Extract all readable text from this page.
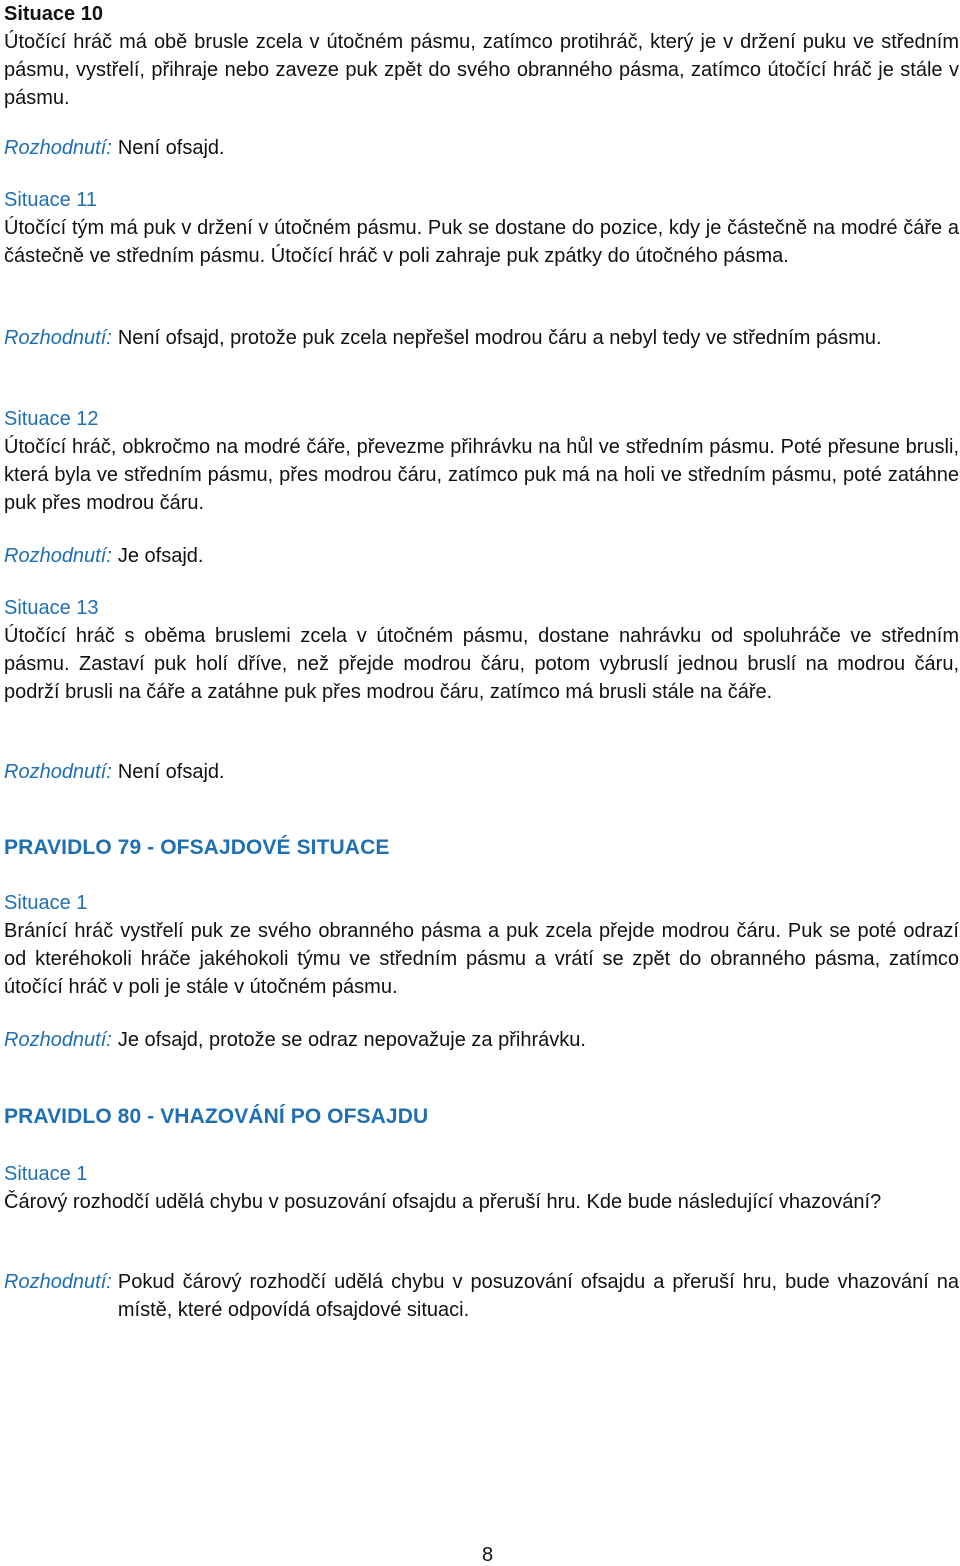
Situace 10
Útočící hráč má obě brusle zcela v útočném pásmu, zatímco protihráč, který je v držení puku ve středním pásmu, vystřelí, přihraje nebo zaveze puk zpět do svého obranného pásma, zatímco útočící hráč je stále v pásmu.
Rozhodnutí: Není ofsajd.
Situace 11
Útočící tým má puk v držení v útočném pásmu. Puk se dostane do pozice, kdy je částečně na modré čáře a částečně ve středním pásmu. Útočící hráč v poli zahraje puk zpátky do útočného pásma.
Rozhodnutí: Není ofsajd, protože puk zcela nepřešel modrou čáru a nebyl tedy ve středním pásmu.
Situace 12
Útočící hráč, obkročmo na modré čáře, převezme přihrávku na hůl ve středním pásmu. Poté přesune brusli, která byla ve středním pásmu, přes modrou čáru, zatímco puk má na holi ve středním pásmu, poté zatáhne puk přes modrou čáru.
Rozhodnutí: Je ofsajd.
Situace 13
Útočící hráč s oběma bruslemi zcela v útočném pásmu, dostane nahrávku od spoluhráče ve středním pásmu. Zastaví puk holí dříve, než přejde modrou čáru, potom vybruslí jednou bruslí na modrou čáru, podrží brusli na čáře a zatáhne puk přes modrou čáru, zatímco má brusli stále na čáře.
Rozhodnutí: Není ofsajd.
PRAVIDLO 79 - OFSAJDOVÉ SITUACE
Situace 1
Bránící hráč vystřelí puk ze svého obranného pásma a puk zcela přejde modrou čáru. Puk se poté odrazí od kteréhokoli hráče jakéhokoli týmu ve středním pásmu a vrátí se zpět do obranného pásma, zatímco útočící hráč v poli je stále v útočném pásmu.
Rozhodnutí: Je ofsajd, protože se odraz nepovažuje za přihrávku.
PRAVIDLO 80 - VHAZOVÁNÍ PO OFSAJDU
Situace 1
Čárový rozhodčí udělá chybu v posuzování ofsajdu a přeruší hru. Kde bude následující vhazování?
Rozhodnutí: Pokud čárový rozhodčí udělá chybu v posuzování ofsajdu a přeruší hru, bude vhazování na místě, které odpovídá ofsajdové situaci.
8
